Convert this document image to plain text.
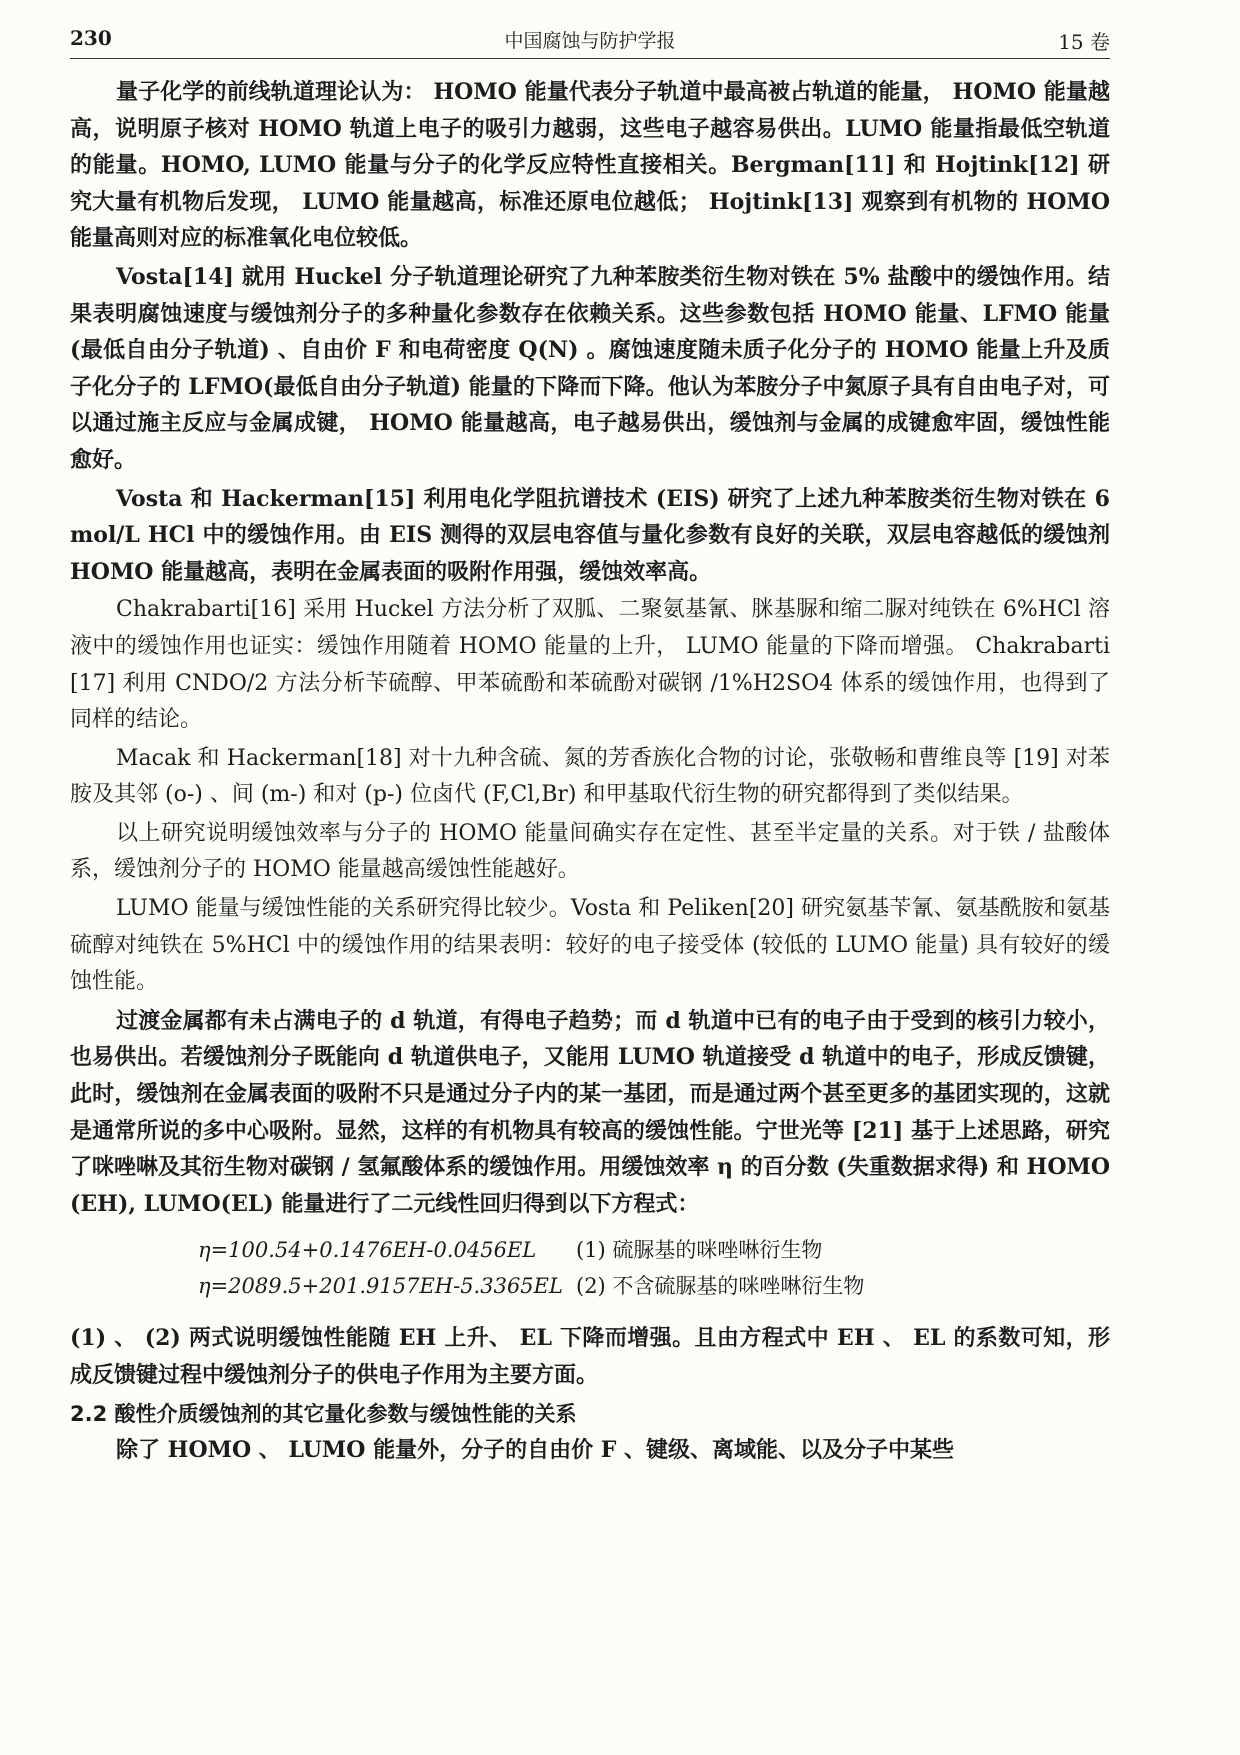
230	中国腐蚀与防护学报	15 卷

量子化学的前线轨道理论认为： HOMO 能量代表分子轨道中最高被占轨道的能量， HOMO 能量越高，说明原子核对 HOMO 轨道上电子的吸引力越弱，这些电子越容易供出。LUMO 能量指最低空轨道的能量。HOMO, LUMO 能量与分子的化学反应特性直接相关。Bergman[11] 和 Hojtink[12] 研究大量有机物后发现， LUMO 能量越高，标准还原电位越低； Hojtink[13] 观察到有机物的 HOMO 能量高则对应的标准氧化电位较低。

Vosta[14] 就用 Huckel 分子轨道理论研究了九种苯胺类衍生物对铁在 5% 盐酸中的缓蚀作用。结果表明腐蚀速度与缓蚀剂分子的多种量化参数存在依赖关系。这些参数包括 HOMO 能量、LFMO 能量 (最低自由分子轨道) 、自由价 F 和电荷密度 Q(N) 。腐蚀速度随未质子化分子的 HOMO 能量上升及质子化分子的 LFMO(最低自由分子轨道) 能量的下降而下降。他认为苯胺分子中氮原子具有自由电子对，可以通过施主反应与金属成键， HOMO 能量越高，电子越易供出，缓蚀剂与金属的成键愈牢固，缓蚀性能愈好。

Vosta 和 Hackerman[15] 利用电化学阻抗谱技术 (EIS) 研究了上述九种苯胺类衍生物对铁在 6mol/L HCl 中的缓蚀作用。由 EIS 测得的双层电容值与量化参数有良好的关联，双层电容越低的缓蚀剂 HOMO 能量越高，表明在金属表面的吸附作用强，缓蚀效率高。

Chakrabarti[16] 采用 Huckel 方法分析了双胍、二聚氨基氰、脒基脲和缩二脲对纯铁在 6%HCl 溶液中的缓蚀作用也证实：缓蚀作用随着 HOMO 能量的上升， LUMO 能量的下降而增强。 Chakrabarti[17] 利用 CNDO/2 方法分析苄硫醇、甲苯硫酚和苯硫酚对碳钢 /1%H2SO4 体系的缓蚀作用，也得到了同样的结论。

Macak 和 Hackerman[18] 对十九种含硫、氮的芳香族化合物的讨论，张敬畅和曹维良等 [19] 对苯胺及其邻 (o-) 、间 (m-) 和对 (p-) 位卤代 (F,Cl,Br) 和甲基取代衍生物的研究都得到了类似结果。

以上研究说明缓蚀效率与分子的 HOMO 能量间确实存在定性、甚至半定量的关系。对于铁 / 盐酸体系，缓蚀剂分子的 HOMO 能量越高缓蚀性能越好。

LUMO 能量与缓蚀性能的关系研究得比较少。Vosta 和 Peliken[20] 研究氨基苄氰、氨基酰胺和氨基硫醇对纯铁在 5%HCl 中的缓蚀作用的结果表明：较好的电子接受体 (较低的 LUMO 能量) 具有较好的缓蚀性能。

过渡金属都有未占满电子的 d 轨道，有得电子趋势；而 d 轨道中已有的电子由于受到的核引力较小，也易供出。若缓蚀剂分子既能向 d 轨道供电子，又能用 LUMO 轨道接受 d 轨道中的电子，形成反馈键，此时，缓蚀剂在金属表面的吸附不只是通过分子内的某一基团，而是通过两个甚至更多的基团实现的，这就是通常所说的多中心吸附。显然，这样的有机物具有较高的缓蚀性能。宁世光等 [21] 基于上述思路，研究了咪唑啉及其衍生物对碳钢 / 氢氟酸体系的缓蚀作用。用缓蚀效率 η 的百分数 (失重数据求得) 和 HOMO(EH), LUMO(EL) 能量进行了二元线性回归得到以下方程式：

η=100.54+0.1476EH-0.0456EL (1) 硫脲基的咪唑啉衍生物
η=2089.5+201.9157EH-5.3365EL (2) 不含硫脲基的咪唑啉衍生物

(1) 、 (2) 两式说明缓蚀性能随 EH 上升、 EL 下降而增强。且由方程式中 EH 、 EL 的系数可知，形成反馈键过程中缓蚀剂分子的供电子作用为主要方面。

2.2 酸性介质缓蚀剂的其它量化参数与缓蚀性能的关系

除了 HOMO 、 LUMO 能量外，分子的自由价 F 、键级、离域能、以及分子中某些
